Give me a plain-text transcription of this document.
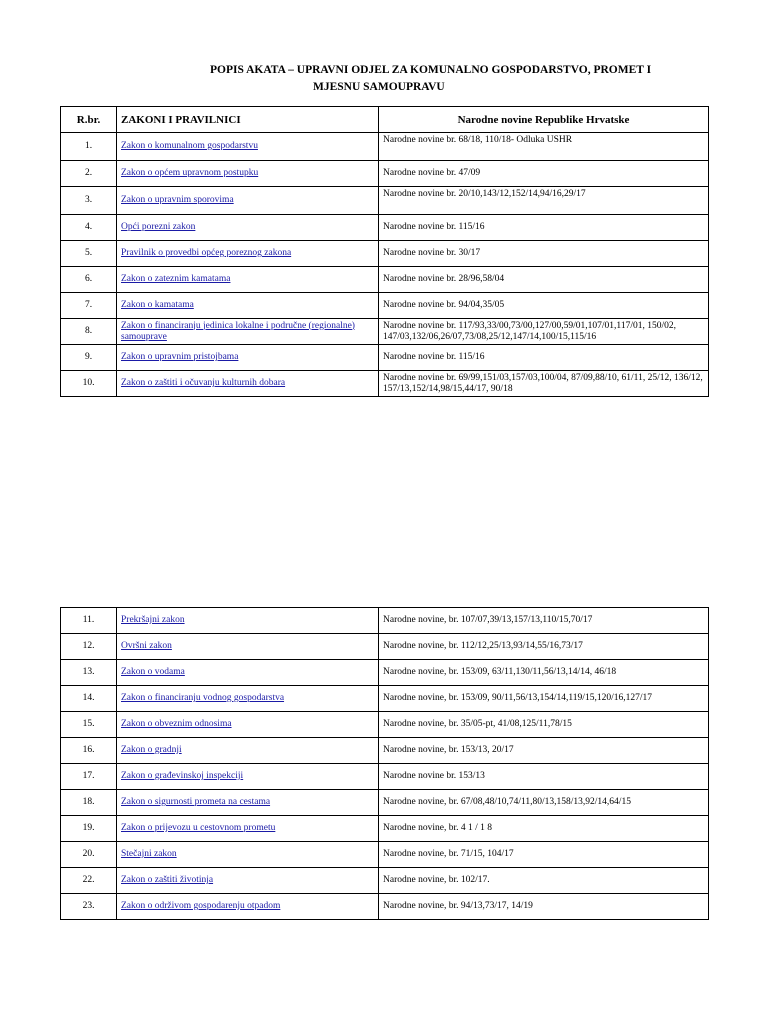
POPIS AKATA – UPRAVNI ODJEL ZA KOMUNALNO GOSPODARSTVO, PROMET I
MJESNU SAMOUPRAVU
R.br.	ZAKONI I PRAVILNICI	Narodne novine Republike Hrvatske
1.	Zakon o komunalnom gospodarstvu	Narodne novine br. 68/18, 110/18- Odluka USHR
2.	Zakon o općem upravnom postupku	Narodne novine br. 47/09
3.	Zakon o upravnim sporovima	Narodne novine br. 20/10,143/12,152/14,94/16,29/17
4.	Opći porezni zakon	Narodne novine br. 115/16
5.	Pravilnik o provedbi općeg poreznog zakona	Narodne novine br. 30/17
6.	Zakon o zateznim kamatama	Narodne novine br. 28/96,58/04
7.	Zakon o kamatama	Narodne novine br. 94/04,35/05
8.	Zakon o financiranju jedinica lokalne i područne (regionalne) samouprave	Narodne novine br. 117/93,33/00,73/00,127/00,59/01,107/01,117/01, 150/02, 147/03,132/06,26/07,73/08,25/12,147/14,100/15,115/16
9.	Zakon o upravnim pristojbama	Narodne novine br. 115/16
10.	Zakon o zaštiti i očuvanju kulturnih dobara	Narodne novine br. 69/99,151/03,157/03,100/04, 87/09,88/10, 61/11, 25/12, 136/12, 157/13,152/14,98/15,44/17, 90/18
11.	Prekršajni zakon	Narodne novine, br. 107/07,39/13,157/13,110/15,70/17
12.	Ovršni zakon	Narodne novine, br. 112/12,25/13,93/14,55/16,73/17
13.	Zakon o vodama	Narodne novine, br. 153/09, 63/11,130/11,56/13,14/14, 46/18
14.	Zakon o financiranju vodnog gospodarstva	Narodne novine, br. 153/09, 90/11,56/13,154/14,119/15,120/16,127/17
15.	Zakon o obveznim odnosima	Narodne novine, br. 35/05-pt, 41/08,125/11,78/15
16.	Zakon o gradnji	Narodne novine, br. 153/13, 20/17
17.	Zakon o građevinskoj inspekciji	Narodne novine br. 153/13
18.	Zakon o sigurnosti prometa na cestama	Narodne novine, br. 67/08,48/10,74/11,80/13,158/13,92/14,64/15
19.	Zakon o prijevozu u cestovnom prometu	Narodne novine, br. 4 1 / 1 8
20.	Stečajni zakon	Narodne novine, br. 71/15, 104/17
22.	Zakon o zaštiti životinja	Narodne novine, br. 102/17.
23.	Zakon o održivom gospodarenju otpadom	Narodne novine, br. 94/13,73/17, 14/19
